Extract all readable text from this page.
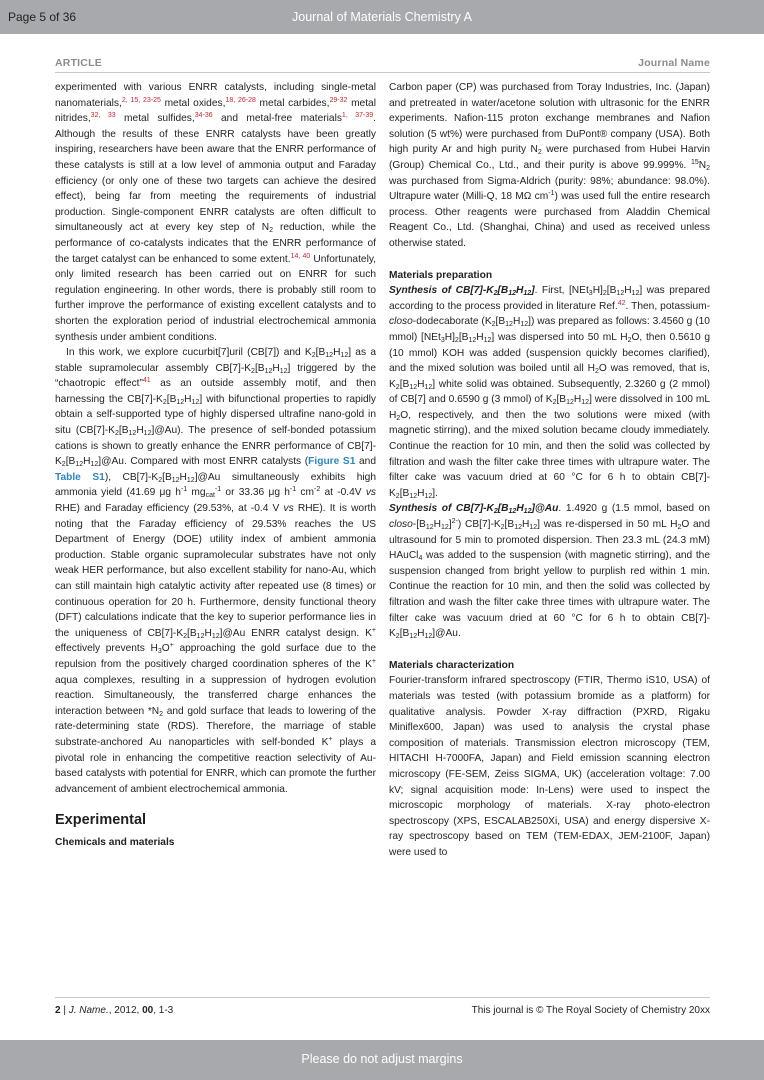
Page 5 of 36	Journal of Materials Chemistry A
ARTICLE	Journal Name

experimented with various ENRR catalysts, including single-metal nanomaterials,$^{2, 15, 23-25}$ metal oxides,$^{18, 26-28}$ metal carbides,$^{29-32}$ metal nitrides,$^{32, 33}$ metal sulfides,$^{34-36}$ and metal-free materials$^{1, 37-39}$. Although the results of these ENRR catalysts have been greatly inspiring, researchers have been aware that the ENRR performance of these catalysts is still at a low level of ammonia output and Faraday efficiency (or only one of these two targets can achieve the desired effect), being far from meeting the requirements of industrial production. Single-component ENRR catalysts are often difficult to simultaneously act at every key step of $N_2$ reduction, while the performance of co-catalysts indicates that the ENRR performance of the target catalyst can be enhanced to some extent.$^{14, 40}$ Unfortunately, only limited research has been carried out on ENRR for such regulation engineering. In other words, there is probably still room to further improve the performance of existing excellent catalysts and to shorten the exploration period of industrial electrochemical ammonia synthesis under ambient conditions.

In this work, we explore cucurbit[7]uril (CB[7]) and $K_2[B_{12}H_{12}]$ as a stable supramolecular assembly $CB[7]-K_2[B_{12}H_{12}]$ triggered by the “chaotropic effect”$^{41}$ as an outside assembly motif, and then harnessing the $CB[7]-K_2[B_{12}H_{12}]$ with bifunctional properties to rapidly obtain a self-supported type of highly dispersed ultrafine nano-gold in situ $(CB[7]-K_2[B_{12}H_{12}]@Au)$. The presence of self-bonded potassium cations is shown to greatly enhance the ENRR performance of $CB[7]-K_2[B_{12}H_{12}]@Au$. Compared with most ENRR catalysts (Figure S1 and Table S1), $CB[7]-K_2[B_{12}H_{12}]@Au$ simultaneously exhibits high ammonia yield (41.69 μg $h^{-1}$ $mg_{cat}^{-1}$ or 33.36 μg $h^{-1}$ $cm^{-2}$ at -0.4V vs RHE) and Faraday efficiency (29.53%, at -0.4 V vs RHE). It is worth noting that the Faraday efficiency of 29.53% reaches the US Department of Energy (DOE) utility index of ambient ammonia production. Stable organic supramolecular substrates have not only weak HER performance, but also excellent stability for nano-Au, which can still maintain high catalytic activity after repeated use (8 times) or continuous operation for 20 h. Furthermore, density functional theory (DFT) calculations indicate that the key to superior performance lies in the uniqueness of $CB[7]-K_2[B_{12}H_{12}]@Au$ ENRR catalyst design. K+ effectively prevents $H_3O^+$ approaching the gold surface due to the repulsion from the positively charged coordination spheres of the K+ aqua complexes, resulting in a suppression of hydrogen evolution reaction. Simultaneously, the transferred charge enhances the interaction between $*N_2$ and gold surface that leads to lowering of the rate-determining state (RDS). Therefore, the marriage of stable substrate-anchored Au nanoparticles with self-bonded K+ plays a pivotal role in enhancing the competitive reaction selectivity of Au-based catalysts with potential for ENRR, which can promote the further advancement of ambient electrochemical ammonia.

Experimental
Chemicals and materials

Carbon paper (CP) was purchased from Toray Industries, Inc. (Japan) and pretreated in water/acetone solution with ultrasonic for the ENRR experiments. Nafion-115 proton exchange membranes and Nafion solution (5 wt%) were purchased from DuPont® company (USA). Both high purity Ar and high purity $N_2$ were purchased from Hubei Harvin (Group) Chemical Co., Ltd., and their purity is above 99.999%. $^{15}N_2$ was purchased from Sigma-Aldrich (purity: 98%; abundance: 98.0%). Ultrapure water (Milli-Q, 18 MΩ $cm^{-1}$) was used full the entire research process. Other reagents were purchased from Aladdin Chemical Reagent Co., Ltd. (Shanghai, China) and used as received unless otherwise stated.

Materials preparation

Synthesis of $CB[7]-K_2[B_{12}H_{12}]$. First, $[NEt_3H]_2[B_{12}H_{12}]$ was prepared according to the process provided in literature Ref.$^{42}$. Then, potassium-closo-dodecaborate $(K_2[B_{12}H_{12}])$ was prepared as follows: 3.4560 g (10 mmol) $[NEt_3H]_2[B_{12}H_{12}]$ was dispersed into 50 mL $H_2O$, then 0.5610 g (10 mmol) KOH was added (suspension quickly becomes clarified), and the mixed solution was boiled until all $H_2O$ was removed, that is, $K_2[B_{12}H_{12}]$ white solid was obtained. Subsequently, 2.3260 g (2 mmol) of CB[7] and 0.6590 g (3 mmol) of $K_2[B_{12}H_{12}]$ were dissolved in 100 mL $H_2O$, respectively, and then the two solutions were mixed (with magnetic stirring), and the mixed solution became cloudy immediately. Continue the reaction for 10 min, and then the solid was collected by filtration and wash the filter cake three times with ultrapure water. The filter cake was vacuum dried at 60 °C for 6 h to obtain $CB[7]-K_2[B_{12}H_{12}]$.

Synthesis of $CB[7]-K_2[B_{12}H_{12}]@Au$. 1.4920 g (1.5 mmol, based on closo-$[B_{12}H_{12}]^{2-}$) $CB[7]-K_2[B_{12}H_{12}]$ was re-dispersed in 50 mL $H_2O$ and ultrasound for 5 min to promoted dispersion. Then 23.3 mL (24.3 mM) HAuCl$_4$ was added to the suspension (with magnetic stirring), and the suspension changed from bright yellow to purplish red within 1 min. Continue the reaction for 10 min, and then the solid was collected by filtration and wash the filter cake three times with ultrapure water. The filter cake was vacuum dried at 60 °C for 6 h to obtain $CB[7]-K_2[B_{12}H_{12}]@Au$.

Materials characterization

Fourier-transform infrared spectroscopy (FTIR, Thermo iS10, USA) of materials was tested (with potassium bromide as a platform) for qualitative analysis. Powder X-ray diffraction (PXRD, Rigaku Miniflex600, Japan) was used to analysis the crystal phase composition of materials. Transmission electron microscopy (TEM, HITACHI H-7000FA, Japan) and Field emission scanning electron microscopy (FE-SEM, Zeiss SIGMA, UK) (acceleration voltage: 7.00 kV; signal acquisition mode: In-Lens) were used to inspect the microscopic morphology of materials. X-ray photo-electron spectroscopy (XPS, ESCALAB250Xi, USA) and energy dispersive X-ray spectroscopy based on TEM (TEM-EDAX, JEM-2100F, Japan) were used to

2 | J. Name., 2012, 00, 1-3	This journal is © The Royal Society of Chemistry 20xx
Please do not adjust margins
